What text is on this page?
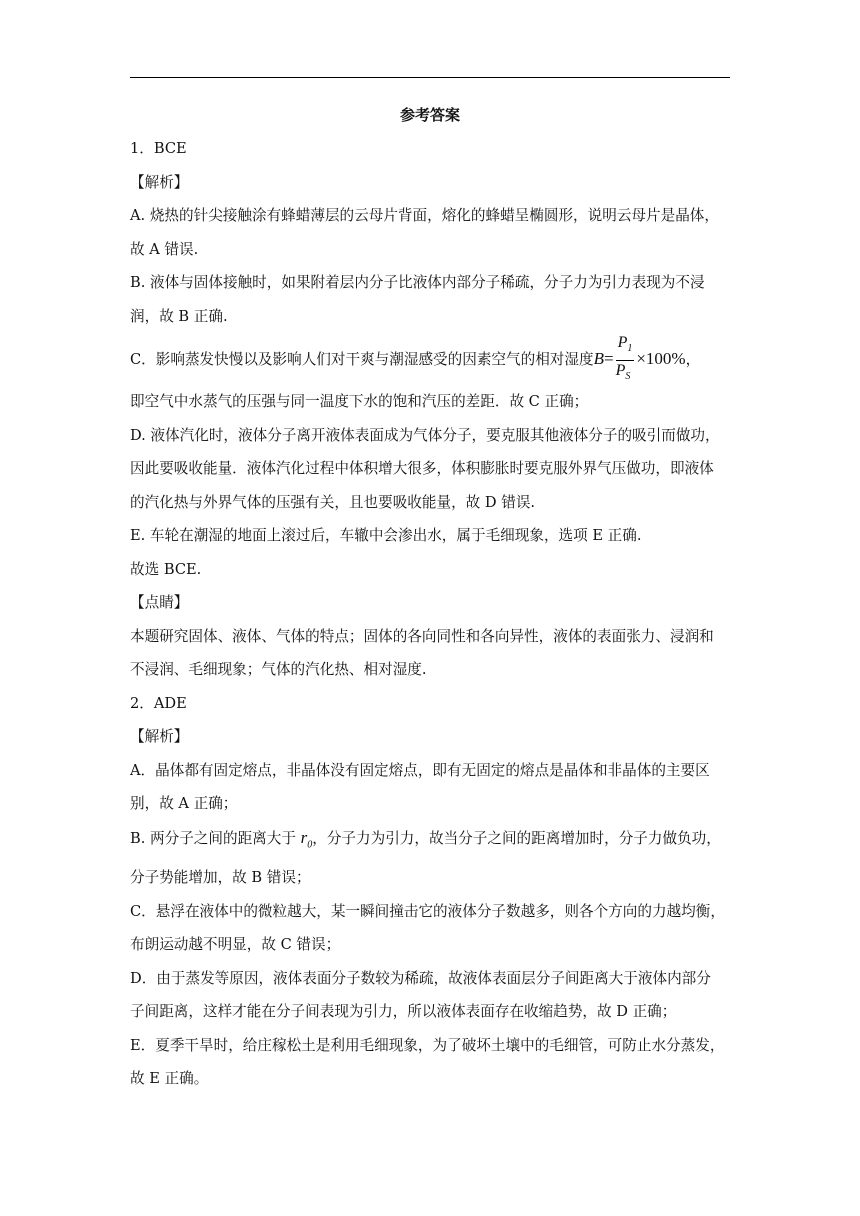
参考答案

1．BCE

【解析】

A. 烧热的针尖接触涂有蜂蜡薄层的云母片背面，熔化的蜂蜡呈椭圆形，说明云母片是晶体，

故 A 错误.

B. 液体与固体接触时，如果附着层内分子比液体内部分子稀疏，分子力为引力表现为不浸

润，故 B 正确.

C．影响蒸发快慢以及影响人们对干爽与潮湿感受的因素空气的相对湿度$B= \frac{P_1}{P_S} \times 100\%$，

即空气中水蒸气的压强与同一温度下水的饱和汽压的差距．故 C 正确；

D. 液体汽化时，液体分子离开液体表面成为气体分子，要克服其他液体分子的吸引而做功，

因此要吸收能量．液体汽化过程中体积增大很多，体积膨胀时要克服外界气压做功，即液体

的汽化热与外界气体的压强有关，且也要吸收能量，故 D 错误.

E. 车轮在潮湿的地面上滚过后，车辙中会渗出水，属于毛细现象，选项 E 正确.

故选 BCE.

【点睛】

本题研究固体、液体、气体的特点；固体的各向同性和各向异性，液体的表面张力、浸润和

不浸润、毛细现象；气体的汽化热、相对湿度.

2．ADE

【解析】

A．晶体都有固定熔点，非晶体没有固定熔点，即有无固定的熔点是晶体和非晶体的主要区

别，故 A 正确；

B. 两分子之间的距离大于 $r_0$，分子力为引力，故当分子之间的距离增加时，分子力做负功，

分子势能增加，故 B 错误；

C．悬浮在液体中的微粒越大，某一瞬间撞击它的液体分子数越多，则各个方向的力越均衡，

布朗运动越不明显，故 C 错误；

D．由于蒸发等原因，液体表面分子数较为稀疏，故液体表面层分子间距离大于液体内部分

子间距离，这样才能在分子间表现为引力，所以液体表面存在收缩趋势，故 D 正确；

E．夏季干旱时，给庄稼松土是利用毛细现象，为了破坏土壤中的毛细管，可防止水分蒸发，

故 E 正确。
